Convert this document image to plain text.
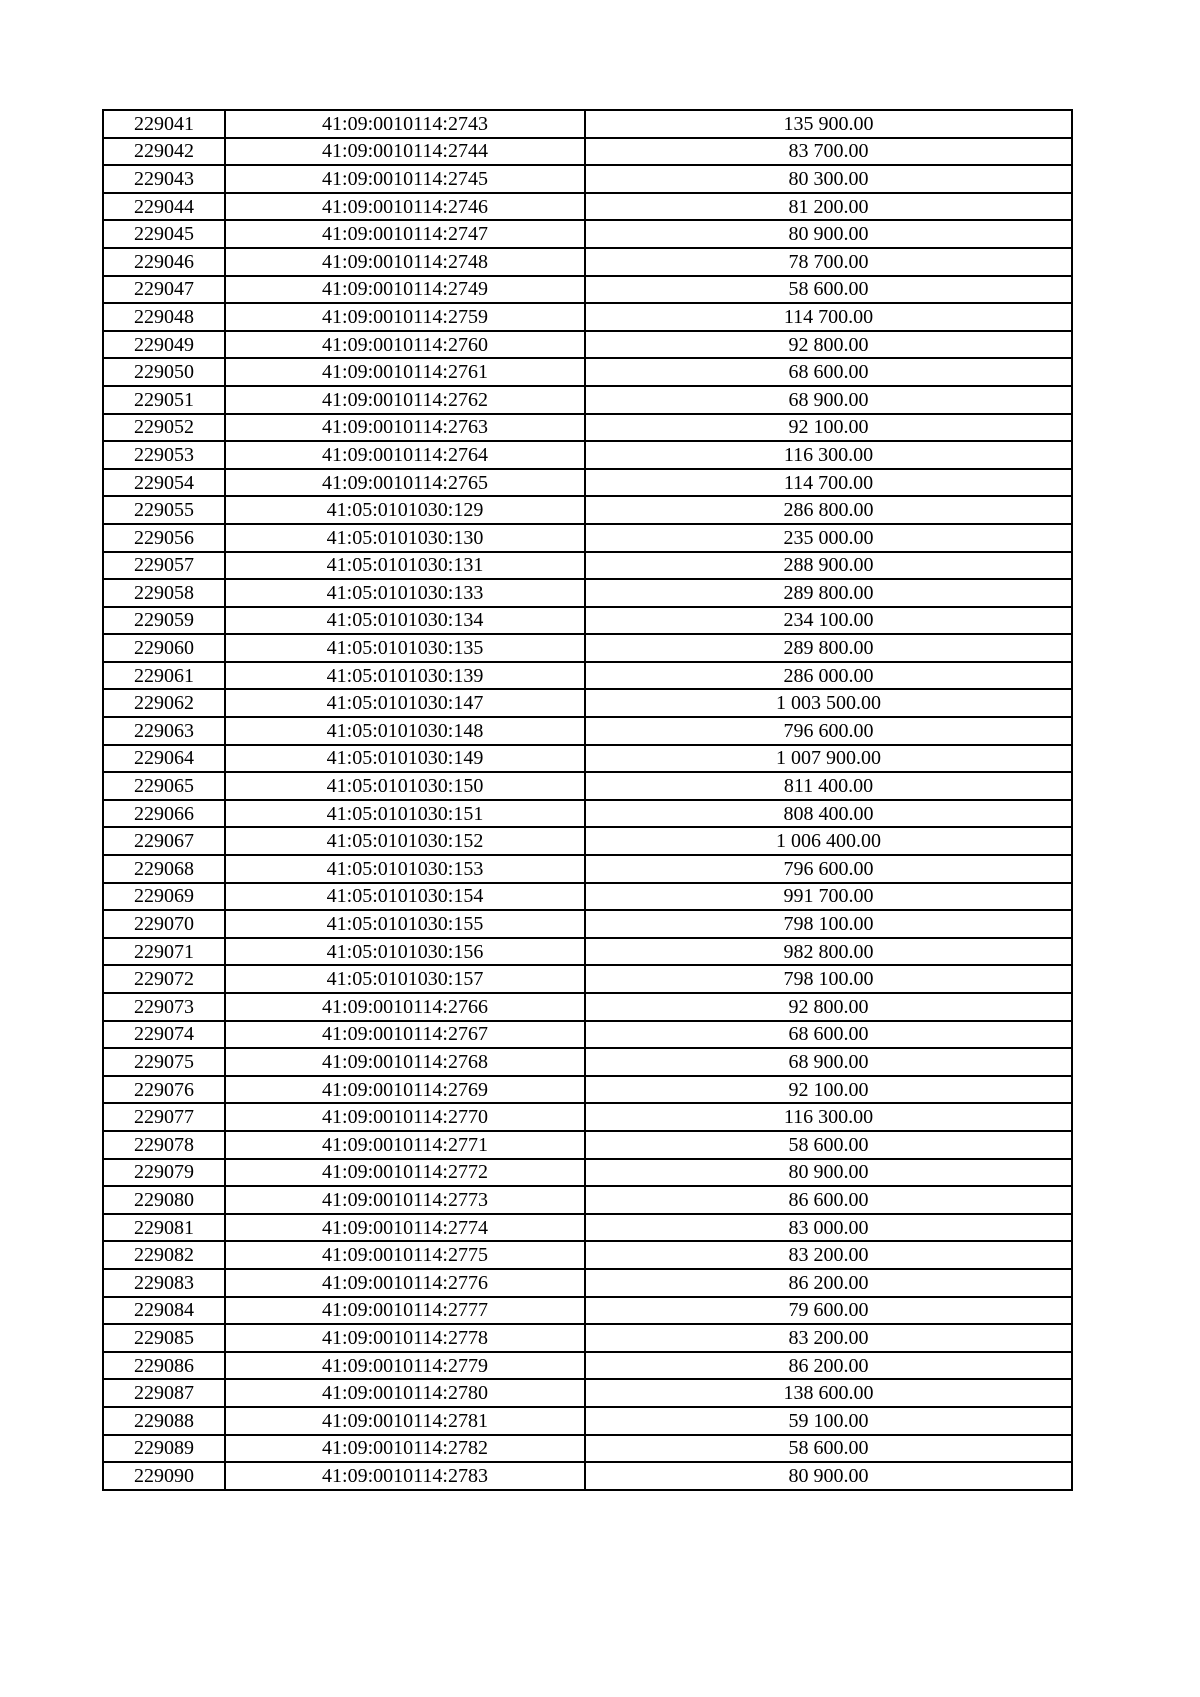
229041	41:09:0010114:2743	135 900.00
229042	41:09:0010114:2744	83 700.00
229043	41:09:0010114:2745	80 300.00
229044	41:09:0010114:2746	81 200.00
229045	41:09:0010114:2747	80 900.00
229046	41:09:0010114:2748	78 700.00
229047	41:09:0010114:2749	58 600.00
229048	41:09:0010114:2759	114 700.00
229049	41:09:0010114:2760	92 800.00
229050	41:09:0010114:2761	68 600.00
229051	41:09:0010114:2762	68 900.00
229052	41:09:0010114:2763	92 100.00
229053	41:09:0010114:2764	116 300.00
229054	41:09:0010114:2765	114 700.00
229055	41:05:0101030:129	286 800.00
229056	41:05:0101030:130	235 000.00
229057	41:05:0101030:131	288 900.00
229058	41:05:0101030:133	289 800.00
229059	41:05:0101030:134	234 100.00
229060	41:05:0101030:135	289 800.00
229061	41:05:0101030:139	286 000.00
229062	41:05:0101030:147	1 003 500.00
229063	41:05:0101030:148	796 600.00
229064	41:05:0101030:149	1 007 900.00
229065	41:05:0101030:150	811 400.00
229066	41:05:0101030:151	808 400.00
229067	41:05:0101030:152	1 006 400.00
229068	41:05:0101030:153	796 600.00
229069	41:05:0101030:154	991 700.00
229070	41:05:0101030:155	798 100.00
229071	41:05:0101030:156	982 800.00
229072	41:05:0101030:157	798 100.00
229073	41:09:0010114:2766	92 800.00
229074	41:09:0010114:2767	68 600.00
229075	41:09:0010114:2768	68 900.00
229076	41:09:0010114:2769	92 100.00
229077	41:09:0010114:2770	116 300.00
229078	41:09:0010114:2771	58 600.00
229079	41:09:0010114:2772	80 900.00
229080	41:09:0010114:2773	86 600.00
229081	41:09:0010114:2774	83 000.00
229082	41:09:0010114:2775	83 200.00
229083	41:09:0010114:2776	86 200.00
229084	41:09:0010114:2777	79 600.00
229085	41:09:0010114:2778	83 200.00
229086	41:09:0010114:2779	86 200.00
229087	41:09:0010114:2780	138 600.00
229088	41:09:0010114:2781	59 100.00
229089	41:09:0010114:2782	58 600.00
229090	41:09:0010114:2783	80 900.00
